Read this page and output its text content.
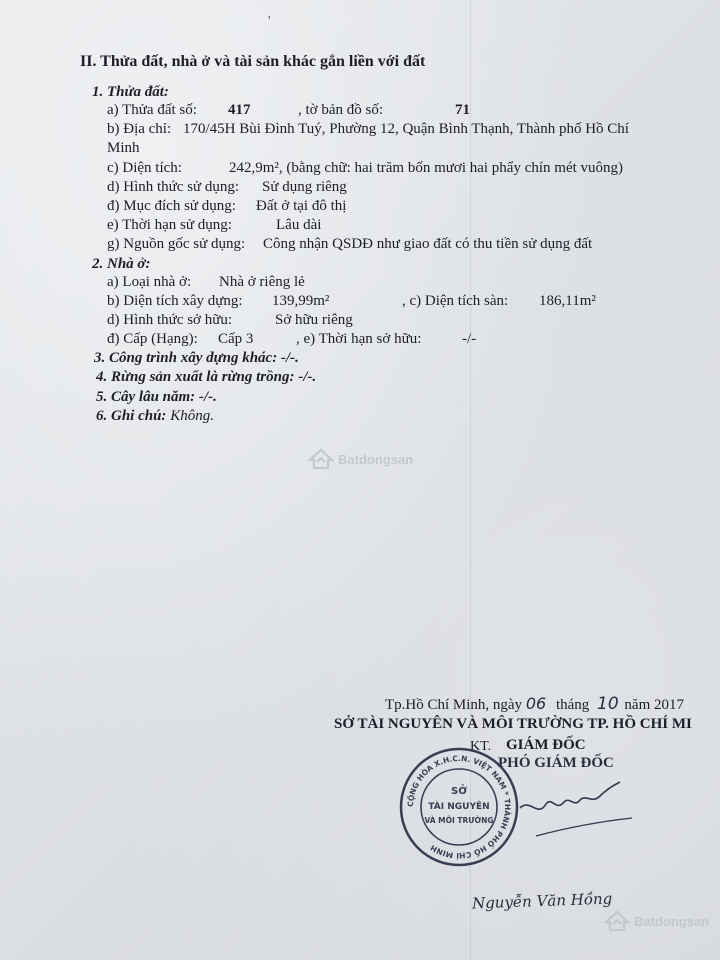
'
II. Thửa đất, nhà ở và tài sản khác gắn liền với đất
1. Thửa đất:
a) Thửa đất số: 417	, tờ bản đồ số:	71
b) Địa chỉ: 170/45H Bùi Đình Tuý, Phường 12, Quận Bình Thạnh, Thành phố Hồ Chí
Minh
c) Diện tích:	242,9m², (bằng chữ: hai trăm bốn mươi hai phẩy chín mét vuông)
d) Hình thức sử dụng: Sử dụng riêng
đ) Mục đích sử dụng: Đất ở tại đô thị
e) Thời hạn sử dụng:	Lâu dài
g) Nguồn gốc sử dụng: Công nhận QSDĐ như giao đất có thu tiền sử dụng đất
2. Nhà ở:
a) Loại nhà ở: Nhà ở riêng lẻ
b) Diện tích xây dựng: 139,99m²	, c) Diện tích sàn: 186,11m²
d) Hình thức sở hữu:	Sở hữu riêng
đ) Cấp (Hạng): Cấp 3	, e) Thời hạn sở hữu:	-/-
3. Công trình xây dựng khác: -/-.
4. Rừng sản xuất là rừng trồng: -/-.
5. Cây lâu năm: -/-.
6. Ghi chú: Không.
Batdongsan
Batdongsan
Tp.Hồ Chí Minh, ngày 06 tháng 10 năm 2017
SỞ TÀI NGUYÊN VÀ MÔI TRƯỜNG TP. HỒ CHÍ MI
KT. GIÁM ĐỐC
PHÓ GIÁM ĐỐC
CỘNG HÒA X.H.C.N. VIỆT NAM * THÀNH PHỐ HỒ CHÍ MINH
SỞ
TÀI NGUYÊN
VÀ MÔI TRƯỜNG
Nguyễn Văn Hồng
